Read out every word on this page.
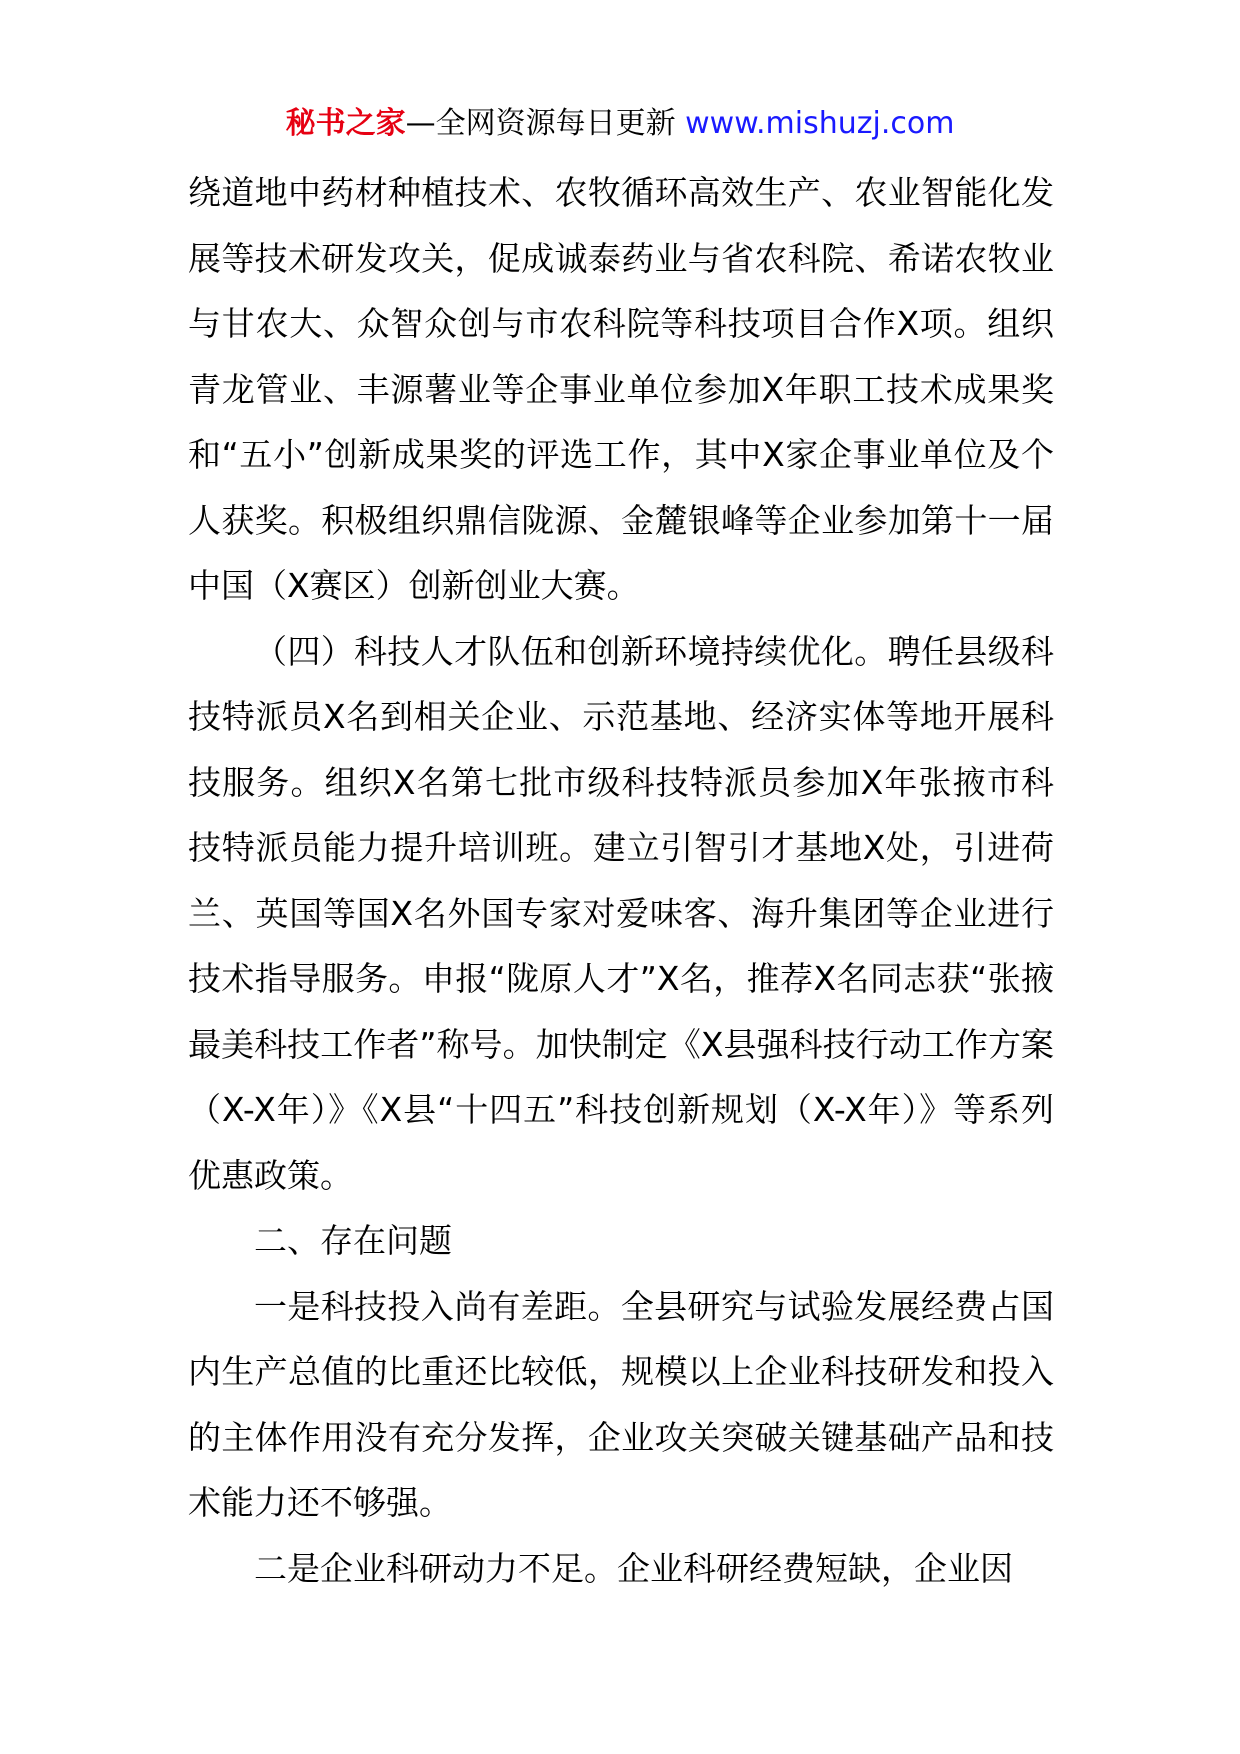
秘书之家—全网资源每日更新 www.mishuzj.com

绕道地中药材种植技术、农牧循环高效生产、农业智能化发展等技术研发攻关，促成诚泰药业与省农科院、希诺农牧业与甘农大、众智众创与市农科院等科技项目合作X项。组织青龙管业、丰源薯业等企事业单位参加X年职工技术成果奖和“五小”创新成果奖的评选工作，其中X家企事业单位及个人获奖。积极组织鼎信陇源、金麓银峰等企业参加第十一届中国（X赛区）创新创业大赛。

（四）科技人才队伍和创新环境持续优化。聘任县级科技特派员X名到相关企业、示范基地、经济实体等地开展科技服务。组织X名第七批市级科技特派员参加X年张掖市科技特派员能力提升培训班。建立引智引才基地X处，引进荷兰、英国等国X名外国专家对爱味客、海升集团等企业进行技术指导服务。申报“陇原人才”X名，推荐X名同志获“张掖最美科技工作者”称号。加快制定《X县强科技行动工作方案（X-X年）》《X县“十四五”科技创新规划（X-X年）》等系列优惠政策。

二、存在问题

一是科技投入尚有差距。全县研究与试验发展经费占国内生产总值的比重还比较低，规模以上企业科技研发和投入的主体作用没有充分发挥，企业攻关突破关键基础产品和技术能力还不够强。

二是企业科研动力不足。企业科研经费短缺，企业因
